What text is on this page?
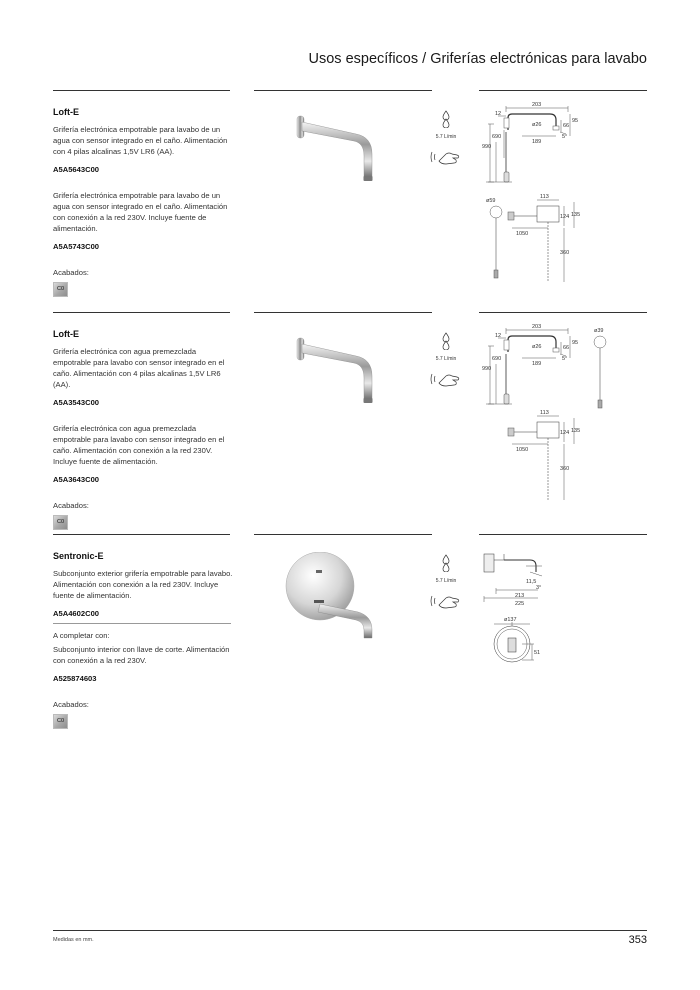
Usos específicos / Griferías electrónicas para lavabo
Loft-E
Grifería electrónica empotrable para lavabo de un agua con sensor integrado en el caño. Alimentación con 4 pilas alcalinas 1,5V LR6 (AA).
A5A5643C00
Grifería electrónica empotrable para lavabo de un agua con sensor integrado en el caño. Alimentación con conexión a la red 230V. Incluye fuente de alimentación.
A5A5743C00
Acabados:
C0
5.7 L/min
203
12
ø26	66
95
189
5°
690
990
ø59
113
124 135
1050
360
Loft-E
Grifería electrónica con agua premezclada empotrable para lavabo con sensor integrado en el caño. Alimentación con 4 pilas alcalinas 1,5V LR6 (AA).
A5A3543C00
Grifería electrónica con agua premezclada empotrable para lavabo con sensor integrado en el caño. Alimentación con conexión a la red 230V. Incluye fuente de alimentación.
A5A3643C00
Acabados:
C0
5.7 L/min
203
12
ø26	66
95
189
5°
690
990
ø39
113
124 135
1050
360
Sentronic-E
Subconjunto exterior grifería empotrable para lavabo. Alimentación con conexión a la red 230V. Incluye fuente de alimentación.
A5A4602C00
A completar con:
Subconjunto interior con llave de corte. Alimentación con conexión a la red 230V.
A525874603
Acabados:
C0
5.7 L/min	11,5
3°
213
225
ø137
51
Medidas en mm.	353
